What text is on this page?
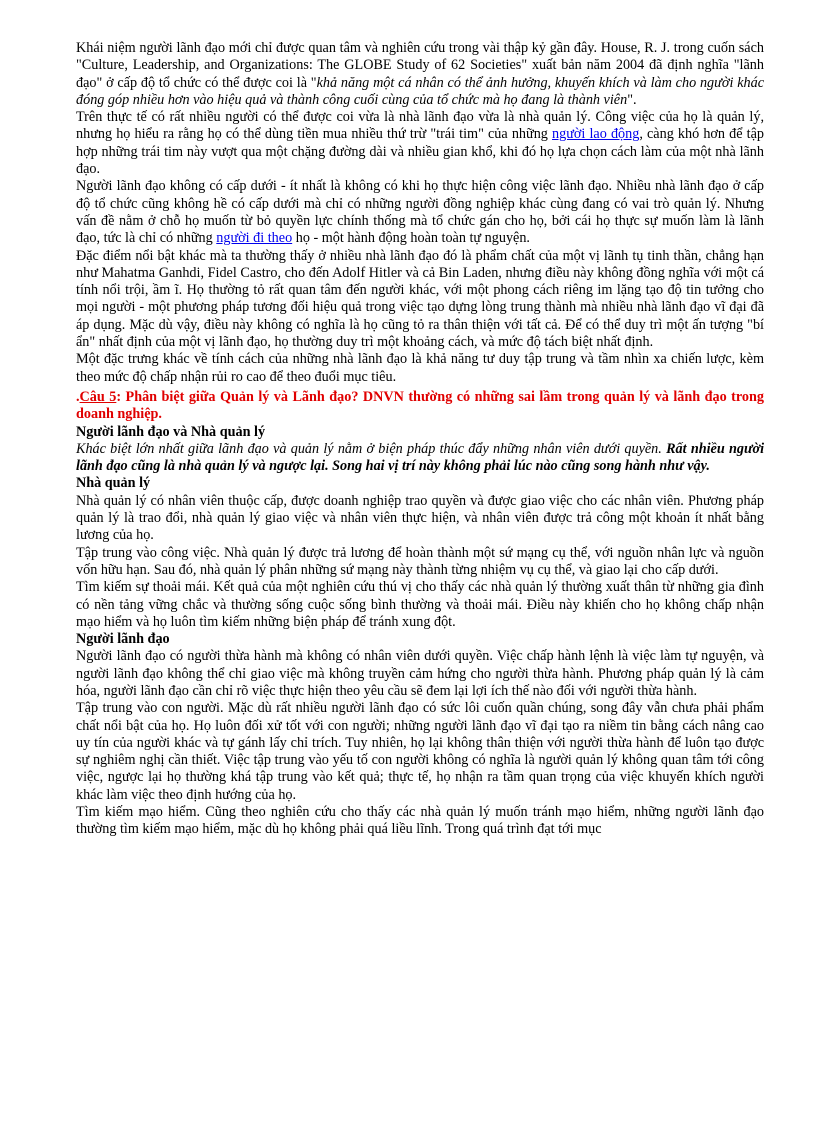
Khái niệm người lãnh đạo mới chỉ được quan tâm và nghiên cứu trong vài thập kỷ gần đây. House, R. J. trong cuốn sách "Culture, Leadership, and Organizations: The GLOBE Study of 62 Societies" xuất bản năm 2004 đã định nghĩa "lãnh đạo" ở cấp độ tổ chức có thể được coi là "khả năng một cá nhân có thể ảnh hưởng, khuyến khích và làm cho người khác đóng góp nhiều hơn vào hiệu quả và thành công cuối cùng của tổ chức mà họ đang là thành viên".

Trên thực tế có rất nhiều người có thể được coi vừa là nhà lãnh đạo vừa là nhà quản lý. Công việc của họ là quản lý, nhưng họ hiểu ra rằng họ có thể dùng tiền mua nhiều thứ trừ "trái tim" của những người lao động, càng khó hơn để tập hợp những trái tim này vượt qua một chặng đường dài và nhiều gian khổ, khi đó họ lựa chọn cách làm của một nhà lãnh đạo.

Người lãnh đạo không có cấp dưới - ít nhất là không có khi họ thực hiện công việc lãnh đạo. Nhiều nhà lãnh đạo ở cấp độ tổ chức cũng không hề có cấp dưới mà chỉ có những người đồng nghiệp khác cùng đang có vai trò quản lý. Nhưng vấn đề nằm ở chỗ họ muốn từ bỏ quyền lực chính thống mà tổ chức gán cho họ, bởi cái họ thực sự muốn làm là lãnh đạo, tức là chỉ có những người đi theo họ - một hành động hoàn toàn tự nguyện.

Đặc điểm nổi bật khác mà ta thường thấy ở nhiều nhà lãnh đạo đó là phẩm chất của một vị lãnh tụ tinh thần, chẳng hạn như Mahatma Ganhdi, Fidel Castro, cho đến Adolf Hitler và cả Bin Laden, nhưng điều này không đồng nghĩa với một cá tính nổi trội, ầm ĩ. Họ thường tỏ rất quan tâm đến người khác, với một phong cách riêng im lặng tạo độ tin tưởng cho mọi người - một phương pháp tương đối hiệu quả trong việc tạo dựng lòng trung thành mà nhiều nhà lãnh đạo vĩ đại đã áp dụng. Mặc dù vậy, điều này không có nghĩa là họ cũng tỏ ra thân thiện với tất cả. Để có thể duy trì một ấn tượng "bí ẩn" nhất định của một vị lãnh đạo, họ thường duy trì một khoảng cách, và mức độ tách biệt nhất định.

Một đặc trưng khác về tính cách của những nhà lãnh đạo là khả năng tư duy tập trung và tầm nhìn xa chiến lược, kèm theo mức độ chấp nhận rủi ro cao để theo đuổi mục tiêu.

.Câu 5: Phân biệt giữa Quản lý và Lãnh đạo? DNVN thường có những sai lầm trong quản lý và lãnh đạo trong doanh nghiệp.

Người lãnh đạo và Nhà quản lý

Khác biệt lớn nhất giữa lãnh đạo và quản lý nằm ở biện pháp thúc đẩy những nhân viên dưới quyền. Rất nhiều người lãnh đạo cũng là nhà quản lý và ngược lại. Song hai vị trí này không phải lúc nào cũng song hành như vậy.

Nhà quản lý

Nhà quản lý có nhân viên thuộc cấp, được doanh nghiệp trao quyền và được giao việc cho các nhân viên. Phương pháp quản lý là trao đổi, nhà quản lý giao việc và nhân viên thực hiện, và nhân viên được trả công một khoản ít nhất bằng lương của họ.

Tập trung vào công việc. Nhà quản lý được trả lương để hoàn thành một sứ mạng cụ thể, với nguồn nhân lực và nguồn vốn hữu hạn. Sau đó, nhà quản lý phân những sứ mạng này thành từng nhiệm vụ cụ thể, và giao lại cho cấp dưới.

Tìm kiếm sự thoải mái. Kết quả của một nghiên cứu thú vị cho thấy các nhà quản lý thường xuất thân từ những gia đình có nền tảng vững chắc và thường sống cuộc sống bình thường và thoải mái. Điều này khiến cho họ không chấp nhận mạo hiểm và họ luôn tìm kiếm những biện pháp để tránh xung đột.

Người lãnh đạo

Người lãnh đạo có người thừa hành mà không có nhân viên dưới quyền. Việc chấp hành lệnh là việc làm tự nguyện, và người lãnh đạo không thể chỉ giao việc mà không truyền cảm hứng cho người thừa hành. Phương pháp quản lý là cảm hóa, người lãnh đạo cần chỉ rõ việc thực hiện theo yêu cầu sẽ đem lại lợi ích thế nào đối với người thừa hành.

Tập trung vào con người. Mặc dù rất nhiều người lãnh đạo có sức lôi cuốn quần chúng, song đây vẫn chưa phải phẩm chất nổi bật của họ. Họ luôn đối xử tốt với con người; những người lãnh đạo vĩ đại tạo ra niềm tin bằng cách nâng cao uy tín của người khác và tự gánh lấy chỉ trích. Tuy nhiên, họ lại không thân thiện với người thừa hành để luôn tạo được sự nghiêm nghị cần thiết. Việc tập trung vào yếu tố con người không có nghĩa là người quản lý không quan tâm tới công việc, ngược lại họ thường khá tập trung vào kết quả; thực tế, họ nhận ra tầm quan trọng của việc khuyến khích người khác làm việc theo định hướng của họ.

Tìm kiếm mạo hiểm. Cũng theo nghiên cứu cho thấy các nhà quản lý muốn tránh mạo hiểm, những người lãnh đạo thường tìm kiếm mạo hiểm, mặc dù họ không phải quá liều lĩnh. Trong quá trình đạt tới mục
